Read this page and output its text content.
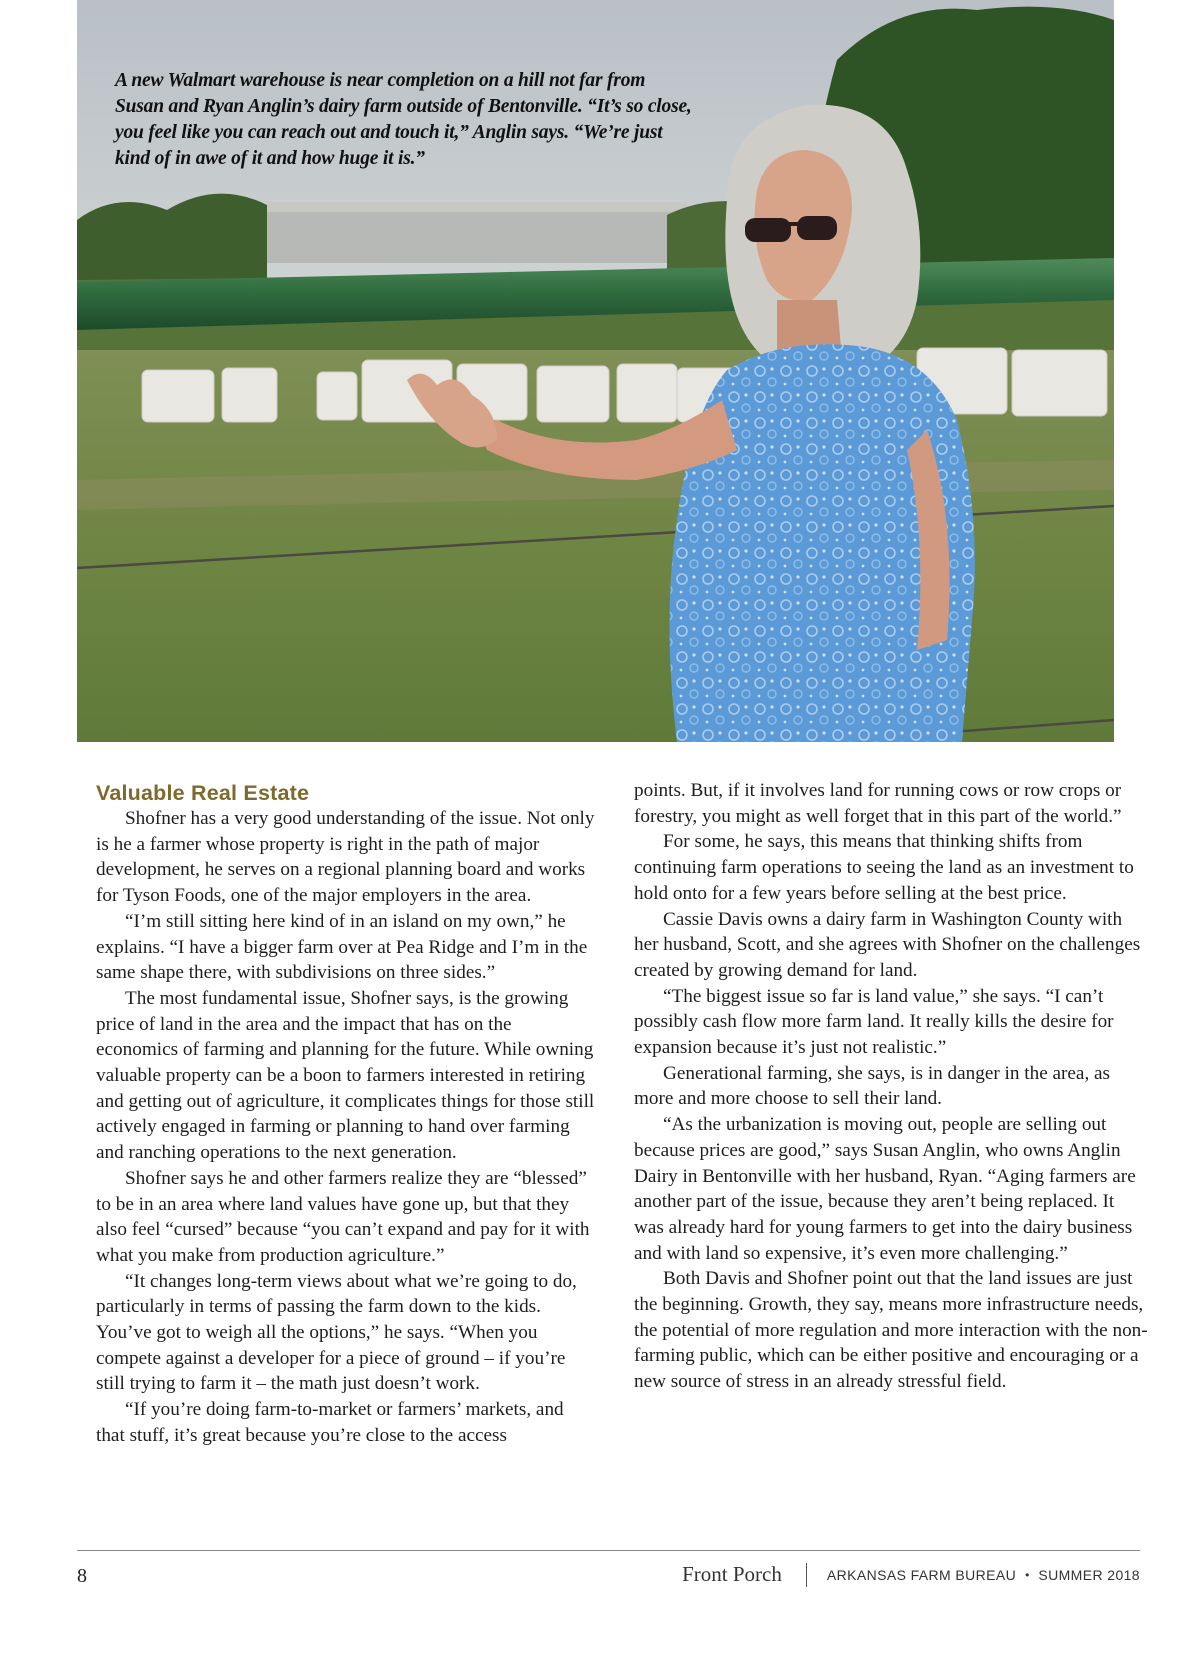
A new Walmart warehouse is near completion on a hill not far from Susan and Ryan Anglin’s dairy farm outside of Bentonville. “It’s so close, you feel like you can reach out and touch it,” Anglin says. “We’re just kind of in awe of it and how huge it is.”
Valuable Real Estate

Shofner has a very good understanding of the issue. Not only is he a farmer whose property is right in the path of major development, he serves on a regional planning board and works for Tyson Foods, one of the major employers in the area.

“I’m still sitting here kind of in an island on my own,” he explains. “I have a bigger farm over at Pea Ridge and I’m in the same shape there, with subdivisions on three sides.”

The most fundamental issue, Shofner says, is the growing price of land in the area and the impact that has on the economics of farming and planning for the future. While owning valuable property can be a boon to farmers interested in retiring and getting out of agriculture, it complicates things for those still actively engaged in farming or planning to hand over farming and ranching operations to the next generation.

Shofner says he and other farmers realize they are “blessed” to be in an area where land values have gone up, but that they also feel “cursed” because “you can’t expand and pay for it with what you make from production agriculture.”

“It changes long-term views about what we’re going to do, particularly in terms of passing the farm down to the kids. You’ve got to weigh all the options,” he says. “When you compete against a developer for a piece of ground – if you’re still trying to farm it – the math just doesn’t work.

“If you’re doing farm-to-market or farmers’ markets, and that stuff, it’s great because you’re close to the access

points. But, if it involves land for running cows or row crops or forestry, you might as well forget that in this part of the world.”

For some, he says, this means that thinking shifts from continuing farm operations to seeing the land as an investment to hold onto for a few years before selling at the best price.

Cassie Davis owns a dairy farm in Washington County with her husband, Scott, and she agrees with Shofner on the challenges created by growing demand for land.

“The biggest issue so far is land value,” she says. “I can’t possibly cash flow more farm land. It really kills the desire for expansion because it’s just not realistic.”

Generational farming, she says, is in danger in the area, as more and more choose to sell their land.

“As the urbanization is moving out, people are selling out because prices are good,” says Susan Anglin, who owns Anglin Dairy in Bentonville with her husband, Ryan. “Aging farmers are another part of the issue, because they aren’t being replaced. It was already hard for young farmers to get into the dairy business and with land so expensive, it’s even more challenging.”

Both Davis and Shofner point out that the land issues are just the beginning. Growth, they say, means more infrastructure needs, the potential of more regulation and more interaction with the non-farming public, which can be either positive and encouraging or a new source of stress in an already stressful field.

8	Front Porch	ARKANSAS FARM BUREAU • SUMMER 2018
